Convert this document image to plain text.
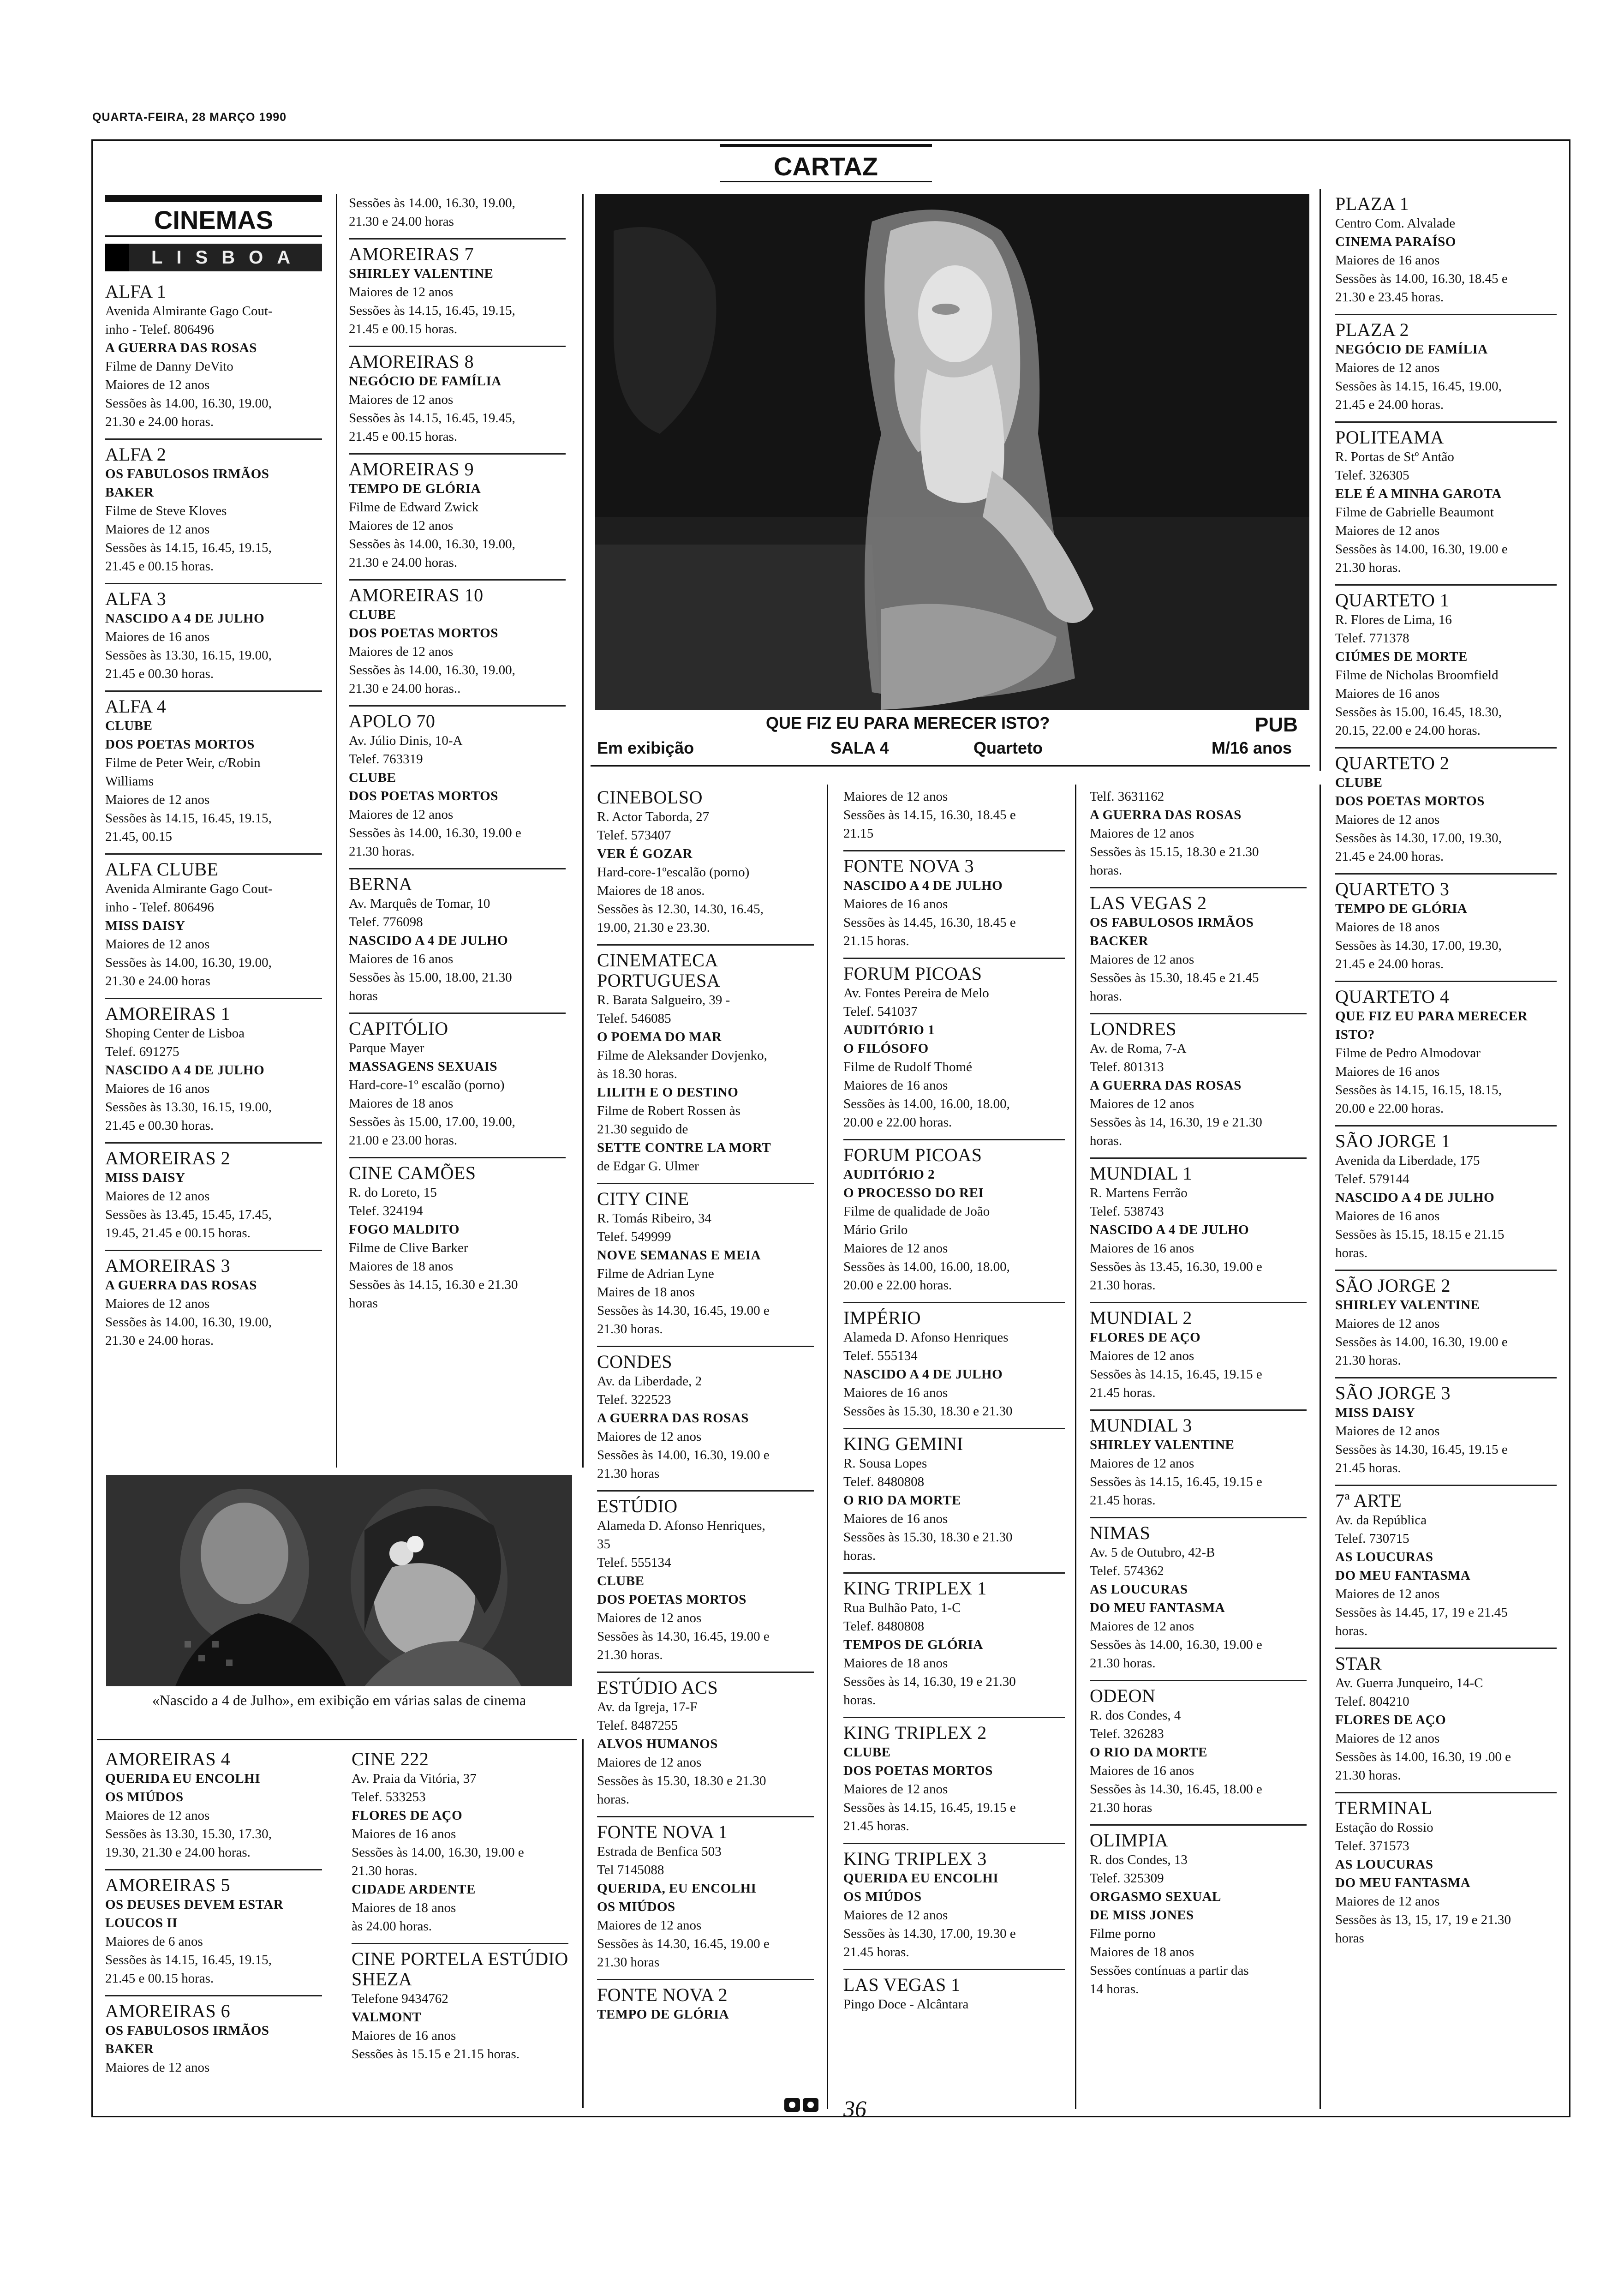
QUARTA-FEIRA, 28 MARÇO 1990
CARTAZ
CINEMAS
LISBOA
ALFA 1
Avenida Almirante Gago Cout-
inho - Telef. 806496
A GUERRA DAS ROSAS
Filme de Danny DeVito
Maiores de 12 anos
Sessões às 14.00, 16.30, 19.00,
21.30 e 24.00 horas.
ALFA 2
OS FABULOSOS IRMÃOS
BAKER
Filme de Steve Kloves
Maiores de 12 anos
Sessões às 14.15, 16.45, 19.15,
21.45 e 00.15 horas.
ALFA 3
NASCIDO A 4 DE JULHO
Maiores de 16 anos
Sessões às 13.30, 16.15, 19.00,
21.45 e 00.30 horas.
ALFA 4
CLUBE
DOS POETAS MORTOS
Filme de Peter Weir, c/Robin
Williams
Maiores de 12 anos
Sessões às 14.15, 16.45, 19.15,
21.45, 00.15
ALFA CLUBE
Avenida Almirante Gago Cout-
inho - Telef. 806496
MISS DAISY
Maiores de 12 anos
Sessões às 14.00, 16.30, 19.00,
21.30 e 24.00 horas
AMOREIRAS 1
Shoping Center de Lisboa
Telef. 691275
NASCIDO A 4 DE JULHO
Maiores de 16 anos
Sessões às 13.30, 16.15, 19.00,
21.45 e 00.30 horas.
AMOREIRAS 2
MISS DAISY
Maiores de 12 anos
Sessões às 13.45, 15.45, 17.45,
19.45, 21.45 e 00.15 horas.
AMOREIRAS 3
A GUERRA DAS ROSAS
Maiores de 12 anos
Sessões às 14.00, 16.30, 19.00,
21.30 e 24.00 horas.
Sessões às 14.00, 16.30, 19.00,
21.30 e 24.00 horas
AMOREIRAS 7
SHIRLEY VALENTINE
Maiores de 12 anos
Sessões às 14.15, 16.45, 19.15,
21.45 e 00.15 horas.
AMOREIRAS 8
NEGÓCIO DE FAMÍLIA
Maiores de 12 anos
Sessões às 14.15, 16.45, 19.45,
21.45 e 00.15 horas.
AMOREIRAS 9
TEMPO DE GLÓRIA
Filme de Edward Zwick
Maiores de 12 anos
Sessões às 14.00, 16.30, 19.00,
21.30 e 24.00 horas.
AMOREIRAS 10
CLUBE
DOS POETAS MORTOS
Maiores de 12 anos
Sessões às 14.00, 16.30, 19.00,
21.30 e 24.00 horas..
APOLO 70
Av. Júlio Dinis, 10-A
Telef. 763319
CLUBE
DOS POETAS MORTOS
Maiores de 12 anos
Sessões às 14.00, 16.30, 19.00 e
21.30 horas.
BERNA
Av. Marquês de Tomar, 10
Telef. 776098
NASCIDO A 4 DE JULHO
Maiores de 16 anos
Sessões às 15.00, 18.00, 21.30
horas
CAPITÓLIO
Parque Mayer
MASSAGENS SEXUAIS
Hard-core-1º escalão (porno)
Maiores de 18 anos
Sessões às 15.00, 17.00, 19.00,
21.00 e 23.00 horas.
CINE CAMÕES
R. do Loreto, 15
Telef. 324194
FOGO MALDITO
Filme de Clive Barker
Maiores de 18 anos
Sessões às 14.15, 16.30 e 21.30
horas
«Nascido a 4 de Julho», em exibição em várias salas de cinema
AMOREIRAS 4
QUERIDA EU ENCOLHI
OS MIÚDOS
Maiores de 12 anos
Sessões às 13.30, 15.30, 17.30,
19.30, 21.30 e 24.00 horas.
AMOREIRAS 5
OS DEUSES DEVEM ESTAR
LOUCOS II
Maiores de 6 anos
Sessões às 14.15, 16.45, 19.15,
21.45 e 00.15 horas.
AMOREIRAS 6
OS FABULOSOS IRMÃOS
BAKER
Maiores de 12 anos
CINE 222
Av. Praia da Vitória, 37
Telef. 533253
FLORES DE AÇO
Maiores de 16 anos
Sessões às 14.00, 16.30, 19.00 e
21.30 horas.
CIDADE ARDENTE
Maiores de 18 anos
às 24.00 horas.
CINE PORTELA ESTÚDIO SHEZA
Telefone 9434762
VALMONT
Maiores de 16 anos
Sessões às 15.15 e 21.15 horas.
QUE FIZ EU PARA MERECER ISTO?	PUB
Em exibição	SALA 4	Quarteto	M/16 anos
CINEBOLSO
R. Actor Taborda, 27
Telef. 573407
VER É GOZAR
Hard-core-1ºescalão (porno)
Maiores de 18 anos.
Sessões às 12.30, 14.30, 16.45,
19.00, 21.30 e 23.30.
CINEMATECA PORTUGUESA
R. Barata Salgueiro, 39 -
Telef. 546085
O POEMA DO MAR
Filme de Aleksander Dovjenko,
às 18.30 horas.
LILITH E O DESTINO
Filme de Robert Rossen às
21.30 seguido de
SETTE CONTRE LA MORT
de Edgar G. Ulmer
CITY CINE
R. Tomás Ribeiro, 34
Telef. 549999
NOVE SEMANAS E MEIA
Filme de Adrian Lyne
Maires de 18 anos
Sessões às 14.30, 16.45, 19.00 e
21.30 horas.
CONDES
Av. da Liberdade, 2
Telef. 322523
A GUERRA DAS ROSAS
Maiores de 12 anos
Sessões às 14.00, 16.30, 19.00 e
21.30 horas
ESTÚDIO
Alameda D. Afonso Henriques,
35
Telef. 555134
CLUBE
DOS POETAS MORTOS
Maiores de 12 anos
Sessões às 14.30, 16.45, 19.00 e
21.30 horas.
ESTÚDIO ACS
Av. da Igreja, 17-F
Telef. 8487255
ALVOS HUMANOS
Maiores de 12 anos
Sessões às 15.30, 18.30 e 21.30
horas.
FONTE NOVA 1
Estrada de Benfica 503
Tel 7145088
QUERIDA, EU ENCOLHI
OS MIÚDOS
Maiores de 12 anos
Sessões às 14.30, 16.45, 19.00 e
21.30 horas
FONTE NOVA 2
TEMPO DE GLÓRIA
Maiores de 12 anos
Sessões às 14.15, 16.30, 18.45 e
21.15
FONTE NOVA 3
NASCIDO A 4 DE JULHO
Maiores de 16 anos
Sessões às 14.45, 16.30, 18.45 e
21.15 horas.
FORUM PICOAS
Av. Fontes Pereira de Melo
Telef. 541037
AUDITÓRIO 1
O FILÓSOFO
Filme de Rudolf Thomé
Maiores de 16 anos
Sessões às 14.00, 16.00, 18.00,
20.00 e 22.00 horas.
FORUM PICOAS
AUDITÓRIO 2
O PROCESSO DO REI
Filme de qualidade de João
Mário Grilo
Maiores de 12 anos
Sessões às 14.00, 16.00, 18.00,
20.00 e 22.00 horas.
IMPÉRIO
Alameda D. Afonso Henriques
Telef. 555134
NASCIDO A 4 DE JULHO
Maiores de 16 anos
Sessões às 15.30, 18.30 e 21.30
KING GEMINI
R. Sousa Lopes
Telef. 8480808
O RIO DA MORTE
Maiores de 16 anos
Sessões às 15.30, 18.30 e 21.30
horas.
KING TRIPLEX 1
Rua Bulhão Pato, 1-C
Telef. 8480808
TEMPOS DE GLÓRIA
Maiores de 18 anos
Sessões às 14, 16.30, 19 e 21.30
horas.
KING TRIPLEX 2
CLUBE
DOS POETAS MORTOS
Maiores de 12 anos
Sessões às 14.15, 16.45, 19.15 e
21.45 horas.
KING TRIPLEX 3
QUERIDA EU ENCOLHI
OS MIÚDOS
Maiores de 12 anos
Sessões às 14.30, 17.00, 19.30 e
21.45 horas.
LAS VEGAS 1
Pingo Doce - Alcântara
Telf. 3631162
A GUERRA DAS ROSAS
Maiores de 12 anos
Sessões às 15.15, 18.30 e 21.30
horas.
LAS VEGAS 2
OS FABULOSOS IRMÃOS
BACKER
Maiores de 12 anos
Sessões às 15.30, 18.45 e 21.45
horas.
LONDRES
Av. de Roma, 7-A
Telef. 801313
A GUERRA DAS ROSAS
Maiores de 12 anos
Sessões às 14, 16.30, 19 e 21.30
horas.
MUNDIAL 1
R. Martens Ferrão
Telef. 538743
NASCIDO A 4 DE JULHO
Maiores de 16 anos
Sessões às 13.45, 16.30, 19.00 e
21.30 horas.
MUNDIAL 2
FLORES DE AÇO
Maiores de 12 anos
Sessões às 14.15, 16.45, 19.15 e
21.45 horas.
MUNDIAL 3
SHIRLEY VALENTINE
Maiores de 12 anos
Sessões às 14.15, 16.45, 19.15 e
21.45 horas.
NIMAS
Av. 5 de Outubro, 42-B
Telef. 574362
AS LOUCURAS
DO MEU FANTASMA
Maiores de 12 anos
Sessões às 14.00, 16.30, 19.00 e
21.30 horas.
ODEON
R. dos Condes, 4
Telef. 326283
O RIO DA MORTE
Maiores de 16 anos
Sessões às 14.30, 16.45, 18.00 e
21.30 horas
OLIMPIA
R. dos Condes, 13
Telef. 325309
ORGASMO SEXUAL
DE MISS JONES
Filme porno
Maiores de 18 anos
Sessões contínuas a partir das
14 horas.
PLAZA 1
Centro Com. Alvalade
CINEMA PARAÍSO
Maiores de 16 anos
Sessões às 14.00, 16.30, 18.45 e
21.30 e 23.45 horas.
PLAZA 2
NEGÓCIO DE FAMÍLIA
Maiores de 12 anos
Sessões às 14.15, 16.45, 19.00,
21.45 e 24.00 horas.
POLITEAMA
R. Portas de Stº Antão
Telef. 326305
ELE É A MINHA GAROTA
Filme de Gabrielle Beaumont
Maiores de 12 anos
Sessões às 14.00, 16.30, 19.00 e
21.30 horas.
QUARTETO 1
R. Flores de Lima, 16
Telef. 771378
CIÚMES DE MORTE
Filme de Nicholas Broomfield
Maiores de 16 anos
Sessões às 15.00, 16.45, 18.30,
20.15, 22.00 e 24.00 horas.
QUARTETO 2
CLUBE
DOS POETAS MORTOS
Maiores de 12 anos
Sessões às 14.30, 17.00, 19.30,
21.45 e 24.00 horas.
QUARTETO 3
TEMPO DE GLÓRIA
Maiores de 18 anos
Sessões às 14.30, 17.00, 19.30,
21.45 e 24.00 horas.
QUARTETO 4
QUE FIZ EU PARA MERECER
ISTO?
Filme de Pedro Almodovar
Maiores de 16 anos
Sessões às 14.15, 16.15, 18.15,
20.00 e 22.00 horas.
SÃO JORGE 1
Avenida da Liberdade, 175
Telef. 579144
NASCIDO A 4 DE JULHO
Maiores de 16 anos
Sessões às 15.15, 18.15 e 21.15
horas.
SÃO JORGE 2
SHIRLEY VALENTINE
Maiores de 12 anos
Sessões às 14.00, 16.30, 19.00 e
21.30 horas.
SÃO JORGE 3
MISS DAISY
Maiores de 12 anos
Sessões às 14.30, 16.45, 19.15 e
21.45 horas.
7ª ARTE
Av. da República
Telef. 730715
AS LOUCURAS
DO MEU FANTASMA
Maiores de 12 anos
Sessões às 14.45, 17, 19 e 21.45
horas.
STAR
Av. Guerra Junqueiro, 14-C
Telef. 804210
FLORES DE AÇO
Maiores de 12 anos
Sessões às 14.00, 16.30, 19 .00 e
21.30 horas.
TERMINAL
Estação do Rossio
Telef. 371573
AS LOUCURAS
DO MEU FANTASMA
Maiores de 12 anos
Sessões às 13, 15, 17, 19 e 21.30
horas
36
